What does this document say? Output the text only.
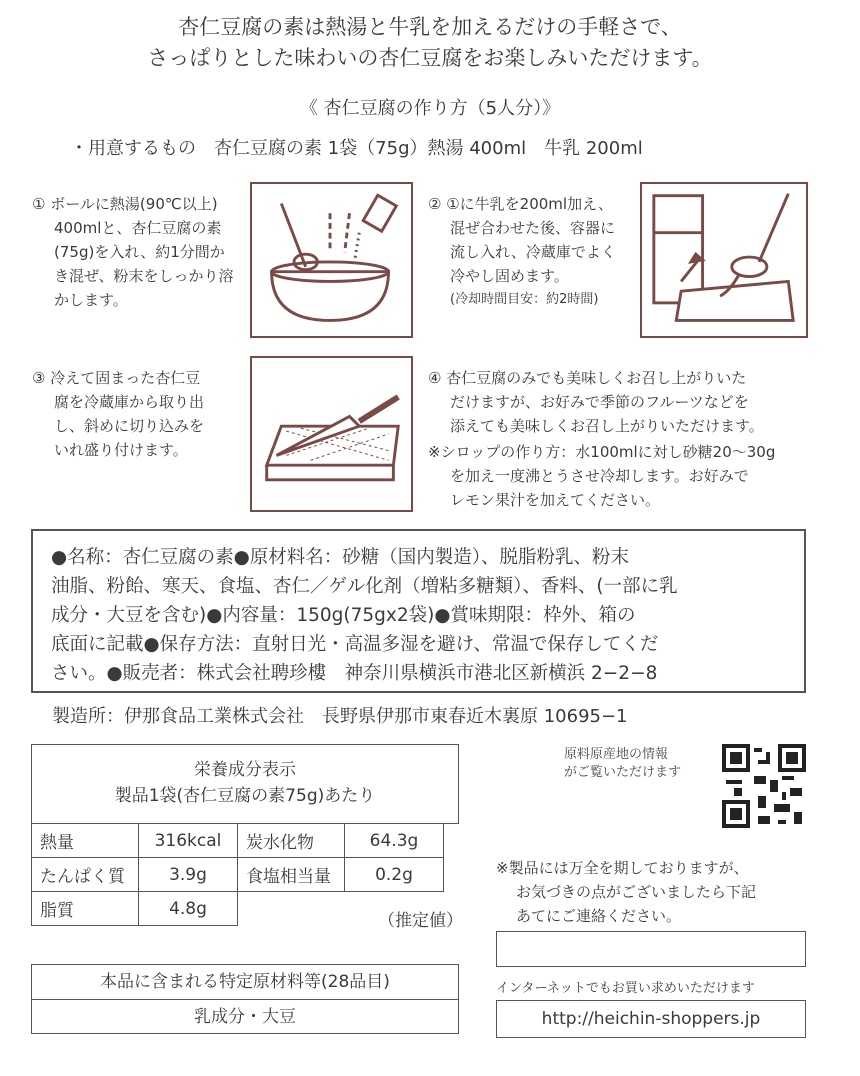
杏仁豆腐の素は熱湯と牛乳を加えるだけの手軽さで、
さっぱりとした味わいの杏仁豆腐をお楽しみいただけます。
《 杏仁豆腐の作り方（5人分）》
・用意するもの　杏仁豆腐の素 1袋（75g）熱湯 400ml　牛乳 200ml
① ボールに熱湯(90℃以上)
400mlと、杏仁豆腐の素
(75g)を入れ、約1分間か
き混ぜ、粉末をしっかり溶
かします。
② ①に牛乳を200ml加え、
混ぜ合わせた後、容器に
流し入れ、冷蔵庫でよく
冷やし固めます。
(冷却時間目安：約2時間)
③ 冷えて固まった杏仁豆
腐を冷蔵庫から取り出
し、斜めに切り込みを
いれ盛り付けます。
④ 杏仁豆腐のみでも美味しくお召し上がりいた
だけますが、お好みで季節のフルーツなどを
添えても美味しくお召し上がりいただけます。
※シロップの作り方：水100mlに対し砂糖20〜30g
を加え一度沸とうさせ冷却します。お好みで
レモン果汁を加えてください。
●名称：杏仁豆腐の素●原材料名：砂糖（国内製造）、脱脂粉乳、粉末
油脂、粉飴、寒天、食塩、杏仁／ゲル化剤（増粘多糖類）、香料、(一部に乳
成分・大豆を含む)●内容量：150g(75gx2袋)●賞味期限：枠外、箱の
底面に記載●保存方法：直射日光・高温多湿を避け、常温で保存してくだ
さい。●販売者：株式会社聘珍樓　神奈川県横浜市港北区新横浜 2−2−8
製造所：伊那食品工業株式会社　長野県伊那市東春近木裏原 10695−1
栄養成分表示
製品1袋(杏仁豆腐の素75g)あたり
熱量	316kcal	炭水化物	64.3g
たんぱく質	3.9g	食塩相当量	0.2g
脂質	4.8g		
（推定値）
本品に含まれる特定原材料等(28品目)
乳成分・大豆
原料原産地の情報
がご覧いただけます
※製品には万全を期しておりますが、
お気づきの点がございましたら下記
あてにご連絡ください。
インターネットでもお買い求めいただけます
http://heichin-shoppers.jp
